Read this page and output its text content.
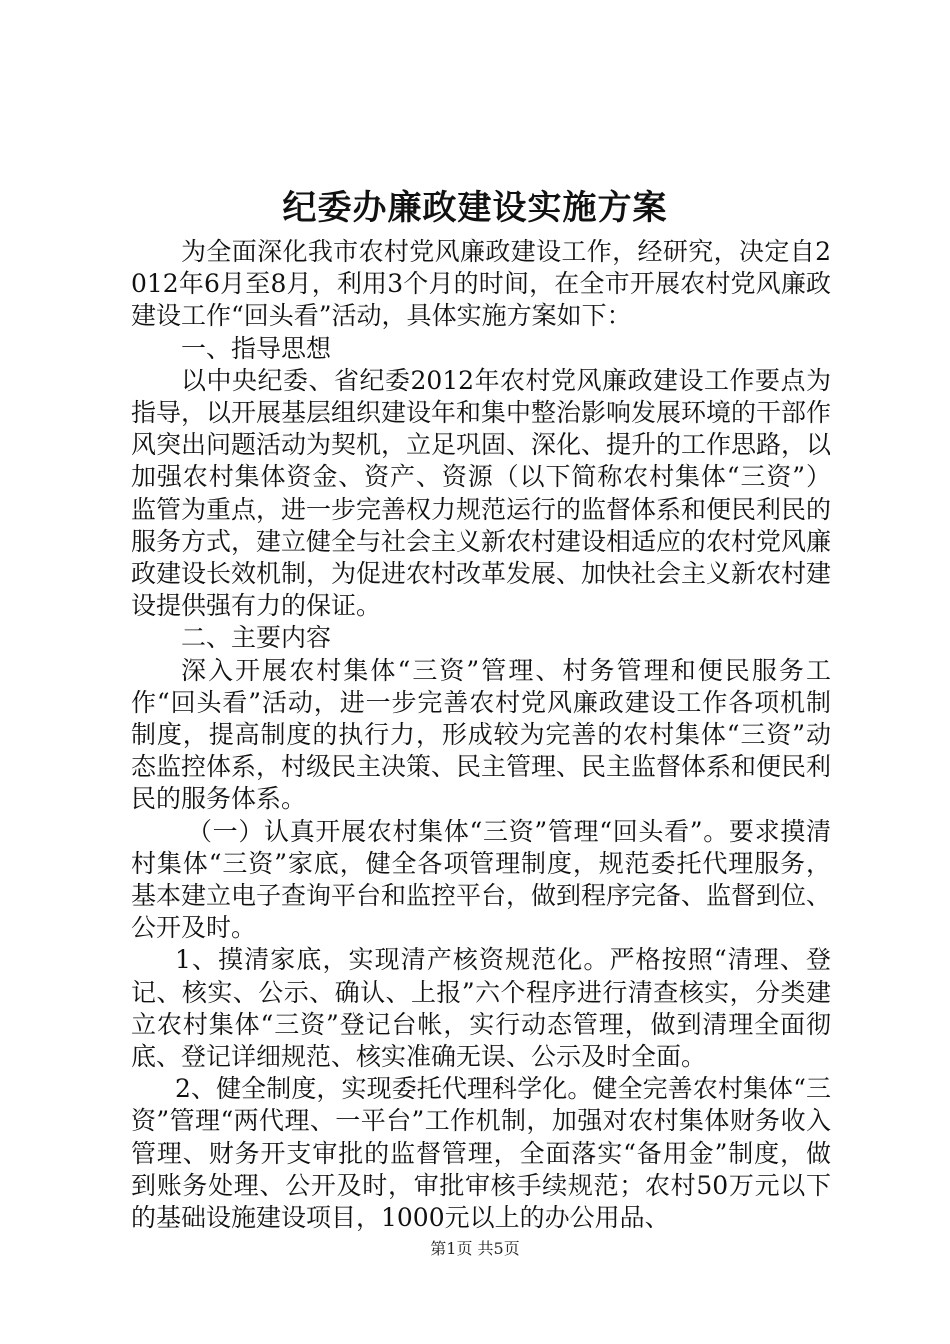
纪委办廉政建设实施方案

为全面深化我市农村党风廉政建设工作，经研究，决定自2012年6月至8月，利用3个月的时间，在全市开展农村党风廉政建设工作“回头看”活动，具体实施方案如下：

一、指导思想

以中央纪委、省纪委2012年农村党风廉政建设工作要点为指导，以开展基层组织建设年和集中整治影响发展环境的干部作风突出问题活动为契机，立足巩固、深化、提升的工作思路，以加强农村集体资金、资产、资源（以下简称农村集体“三资”）监管为重点，进一步完善权力规范运行的监督体系和便民利民的服务方式，建立健全与社会主义新农村建设相适应的农村党风廉政建设长效机制，为促进农村改革发展、加快社会主义新农村建设提供强有力的保证。

二、主要内容

深入开展农村集体“三资”管理、村务管理和便民服务工作“回头看”活动，进一步完善农村党风廉政建设工作各项机制制度，提高制度的执行力，形成较为完善的农村集体“三资”动态监控体系，村级民主决策、民主管理、民主监督体系和便民利民的服务体系。

（一）认真开展农村集体“三资”管理“回头看”。要求摸清村集体“三资”家底，健全各项管理制度，规范委托代理服务，基本建立电子查询平台和监控平台，做到程序完备、监督到位、公开及时。

1、摸清家底，实现清产核资规范化。严格按照“清理、登记、核实、公示、确认、上报”六个程序进行清查核实，分类建立农村集体“三资”登记台帐，实行动态管理，做到清理全面彻底、登记详细规范、核实准确无误、公示及时全面。

2、健全制度，实现委托代理科学化。健全完善农村集体“三资”管理“两代理、一平台”工作机制，加强对农村集体财务收入管理、财务开支审批的监督管理，全面落实“备用金”制度，做到账务处理、公开及时，审批审核手续规范；农村50万元以下的基础设施建设项目，1000元以上的办公用品、

第1页 共5页
